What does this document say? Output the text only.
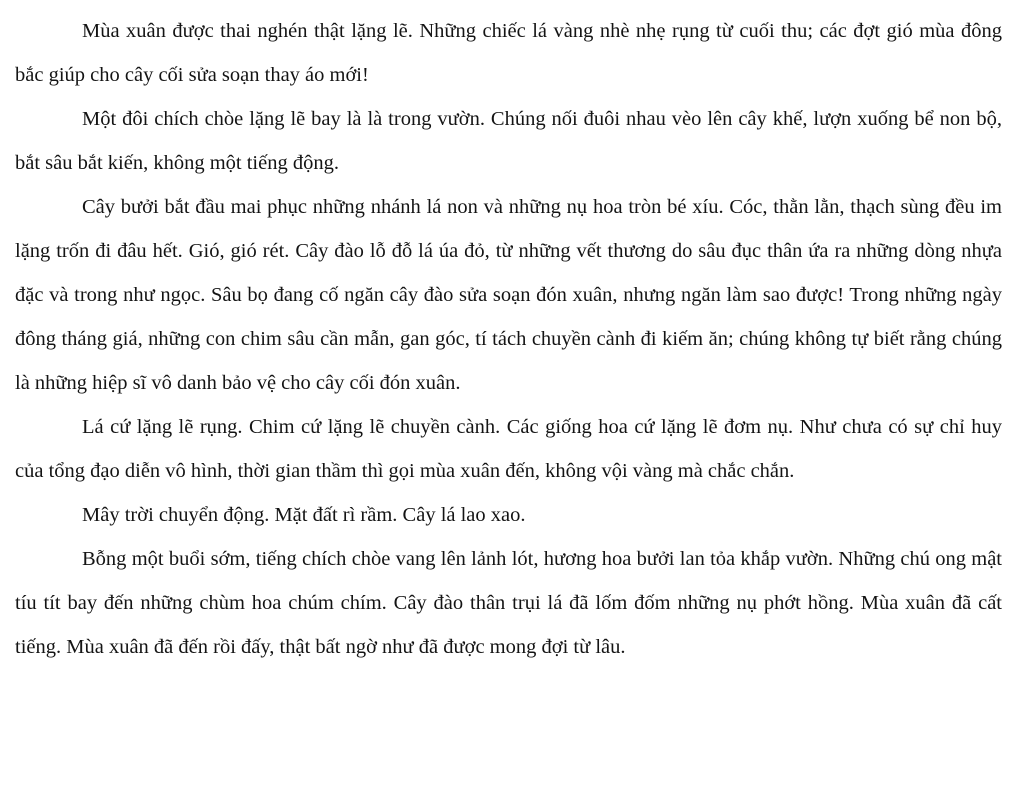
Mùa xuân được thai nghén thật lặng lẽ. Những chiếc lá vàng nhè nhẹ rụng từ cuối thu; các đợt gió mùa đông bắc giúp cho cây cối sửa soạn thay áo mới!

Một đôi chích chòe lặng lẽ bay là là trong vườn. Chúng nối đuôi nhau vèo lên cây khế, lượn xuống bể non bộ, bắt sâu bắt kiến, không một tiếng động.

Cây bưởi bắt đầu mai phục những nhánh lá non và những nụ hoa tròn bé xíu. Cóc, thằn lằn, thạch sùng đều im lặng trốn đi đâu hết. Gió, gió rét. Cây đào lỗ đỗ lá úa đỏ, từ những vết thương do sâu đục thân ứa ra những dòng nhựa đặc và trong như ngọc. Sâu bọ đang cố ngăn cây đào sửa soạn đón xuân, nhưng ngăn làm sao được! Trong những ngày đông tháng giá, những con chim sâu cần mẫn, gan góc, tí tách chuyền cành đi kiếm ăn; chúng không tự biết rằng chúng là những hiệp sĩ vô danh bảo vệ cho cây cối đón xuân.

Lá cứ lặng lẽ rụng. Chim cứ lặng lẽ chuyền cành. Các giống hoa cứ lặng lẽ đơm nụ. Như chưa có sự chỉ huy của tổng đạo diễn vô hình, thời gian thầm thì gọi mùa xuân đến, không vội vàng mà chắc chắn.

Mây trời chuyển động. Mặt đất rì rầm. Cây lá lao xao.

Bỗng một buổi sớm, tiếng chích chòe vang lên lảnh lót, hương hoa bưởi lan tỏa khắp vườn. Những chú ong mật tíu tít bay đến những chùm hoa chúm chím. Cây đào thân trụi lá đã lốm đốm những nụ phớt hồng. Mùa xuân đã cất tiếng. Mùa xuân đã đến rồi đấy, thật bất ngờ như đã được mong đợi từ lâu.
